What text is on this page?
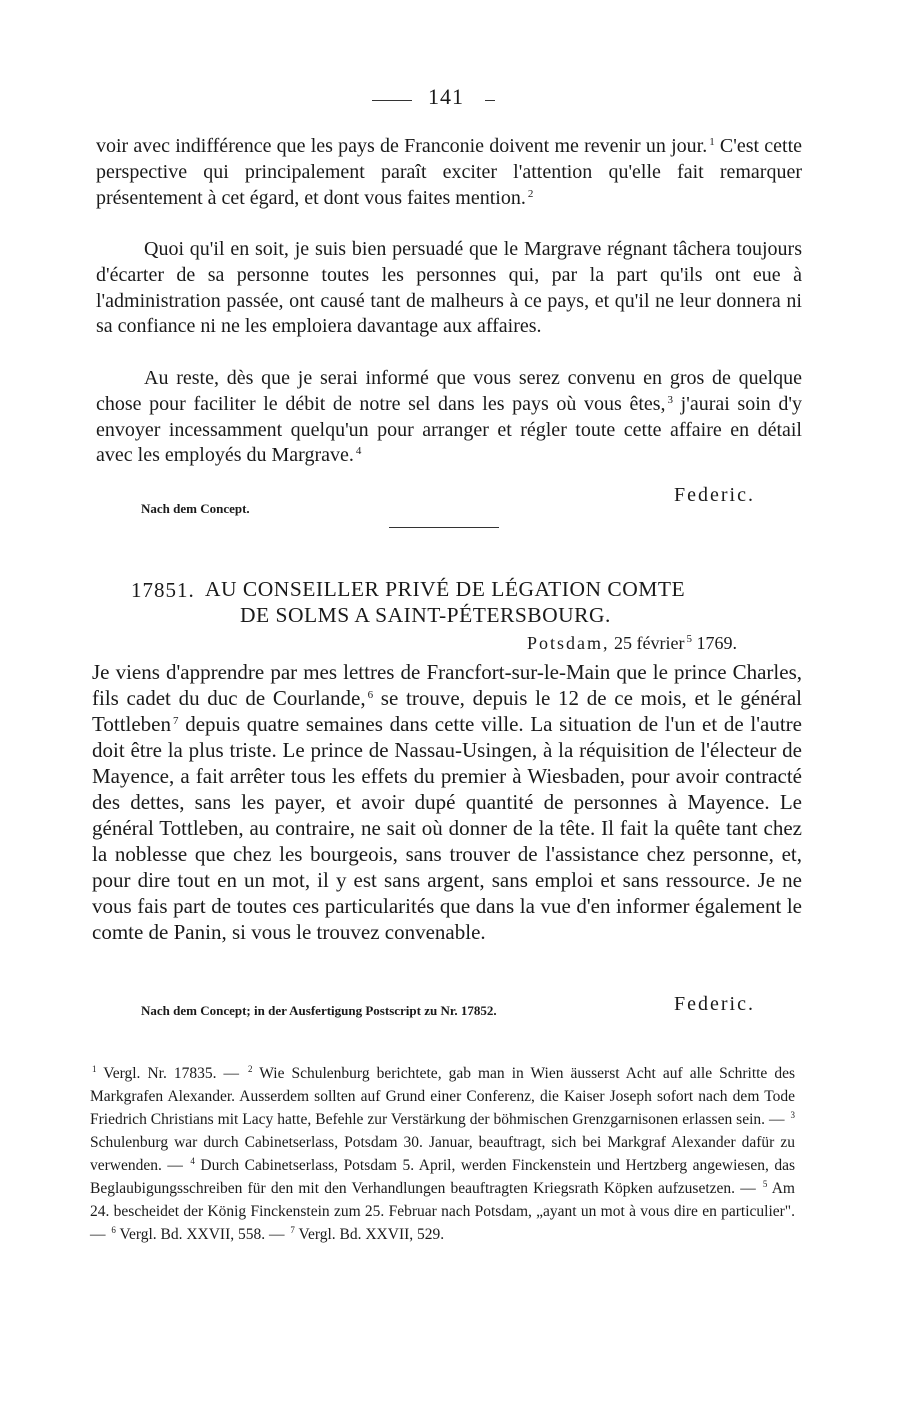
141

voir avec indifférence que les pays de Franconie doivent me revenir un jour. $^1$ C'est cette perspective qui principalement paraît exciter l'attention qu'elle fait remarquer présentement à cet égard, et dont vous faites mention. $^2$

Quoi qu'il en soit, je suis bien persuadé que le Margrave régnant tâchera toujours d'écarter de sa personne toutes les personnes qui, par la part qu'ils ont eue à l'administration passée, ont causé tant de malheurs à ce pays, et qu'il ne leur donnera ni sa confiance ni ne les emploiera davantage aux affaires.

Au reste, dès que je serai informé que vous serez convenu en gros de quelque chose pour faciliter le débit de notre sel dans les pays où vous êtes, $^3$ j'aurai soin d'y envoyer incessamment quelqu'un pour arranger et régler toute cette affaire en détail avec les employés du Margrave. $^4$

Federic.
Nach dem Concept.
17851. AU CONSEILLER PRIVÉ DE LÉGATION COMTE
DE SOLMS A SAINT-PÉTERSBOURG.
Potsdam, 25 février $^5$ 1769.

Je viens d'apprendre par mes lettres de Francfort-sur-le-Main que le prince Charles, fils cadet du duc de Courlande, $^6$ se trouve, depuis le 12 de ce mois, et le général Tottleben $^7$ depuis quatre semaines dans cette ville. La situation de l'un et de l'autre doit être la plus triste. Le prince de Nassau-Usingen, à la réquisition de l'électeur de Mayence, a fait arrêter tous les effets du premier à Wiesbaden, pour avoir contracté des dettes, sans les payer, et avoir dupé quantité de personnes à Mayence. Le général Tottleben, au contraire, ne sait où donner de la tête. Il fait la quête tant chez la noblesse que chez les bourgeois, sans trouver de l'assistance chez personne, et, pour dire tout en un mot, il y est sans argent, sans emploi et sans ressource. Je ne vous fais part de toutes ces particularités que dans la vue d'en informer également le comte de Panin, si vous le trouvez convenable.

Nach dem Concept; in der Ausfertigung Postscript zu Nr. 17852.	Federic.

$^1$ Vergl. Nr. 17835. — $^2$ Wie Schulenburg berichtete, gab man in Wien äusserst Acht auf alle Schritte des Markgrafen Alexander. Ausserdem sollten auf Grund einer Conferenz, die Kaiser Joseph sofort nach dem Tode Friedrich Christians mit Lacy hatte, Befehle zur Verstärkung der böhmischen Grenzgarnisonen erlassen sein. — $^3$ Schulenburg war durch Cabinetserlass, Potsdam 30. Januar, beauftragt, sich bei Markgraf Alexander dafür zu verwenden. — $^4$ Durch Cabinetserlass, Potsdam 5. April, werden Finckenstein und Hertzberg angewiesen, das Beglaubigungsschreiben für den mit den Verhandlungen beauftragten Kriegsrath Köpken aufzusetzen. — $^5$ Am 24. bescheidet der König Finckenstein zum 25. Februar nach Potsdam, „ayant un mot à vous dire en particulier". — $^6$ Vergl. Bd. XXVII, 558. — $^7$ Vergl. Bd. XXVII, 529.
